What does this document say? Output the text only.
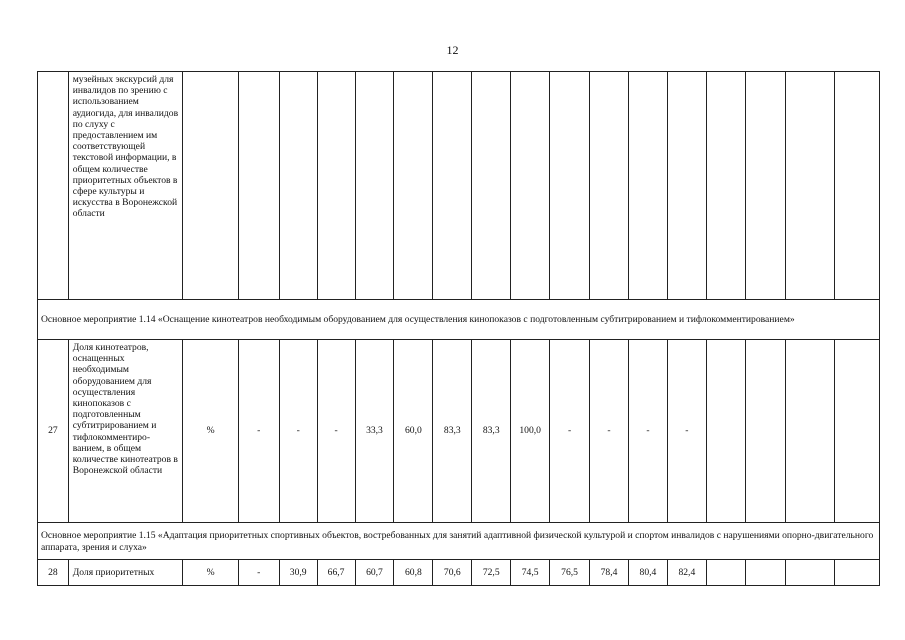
12
	музейных экскурсий для инвалидов по зрению с использованием аудиогида, для инвалидов по слуху с предоставлением им соответствующей текстовой информации, в общем количестве приоритетных объектов в сфере культуры и искусства в Воронежской области																	
Основное мероприятие 1.14 «Оснащение кинотеатров необходимым оборудованием для осуществления кинопоказов с подготовленным субтитрированием и тифлокомментированием»																		
27	Доля кинотеатров, оснащенных необходимым оборудованием для осуществления кинопоказов с подготовленным субтитрированием и тифлокомментиро-ванием, в общем количестве кинотеатров в Воронежской области	%	-	-	-	33,3	60,0	83,3	83,3	100,0	-	-	-	-				
Основное мероприятие 1.15 «Адаптация приоритетных спортивных объектов, востребованных для занятий адаптивной физической культурой и спортом инвалидов с нарушениями опорно-двигательного аппарата, зрения и слуха»																		
28	Доля приоритетных	%	-	30,9	66,7	60,7	60,8	70,6	72,5	74,5	76,5	78,4	80,4	82,4				
